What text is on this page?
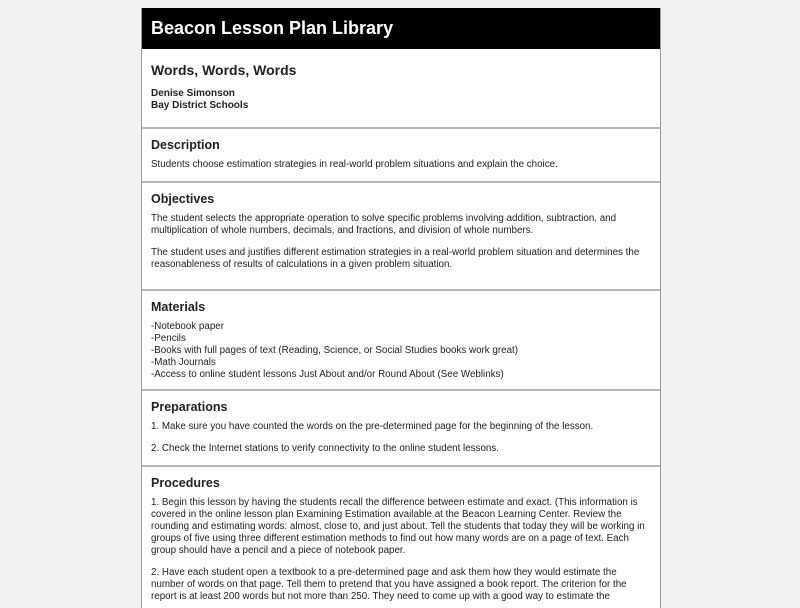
Beacon Lesson Plan Library
Words, Words, Words
Denise Simonson
Bay District Schools
Description

Students choose estimation strategies in real-world problem situations and explain the choice.

Objectives

The student selects the appropriate operation to solve specific problems involving addition, subtraction, and multiplication of whole numbers, decimals, and fractions, and division of whole numbers.

The student uses and justifies different estimation strategies in a real-world problem situation and determines the reasonableness of results of calculations in a given problem situation.

Materials
-Notebook paper
-Pencils
-Books with full pages of text (Reading, Science, or Social Studies books work great)
-Math Journals
-Access to online student lessons Just About and/or Round About (See Weblinks)
Preparations

1. Make sure you have counted the words on the pre-determined page for the beginning of the lesson.

2. Check the Internet stations to verify connectivity to the online student lessons.

Procedures

1. Begin this lesson by having the students recall the difference between estimate and exact. (This information is covered in the online lesson plan Examining Estimation available at the Beacon Learning Center. Review the rounding and estimating words: almost, close to, and just about. Tell the students that today they will be working in groups of five using three different estimation methods to find out how many words are on a page of text. Each group should have a pencil and a piece of notebook paper.

2. Have each student open a textbook to a pre-determined page and ask them how they would estimate the number of words on that page. Tell them to pretend that you have assigned a book report. The criterion for the report is at least 200 words but not more than 250. They need to come up with a good way to estimate the
